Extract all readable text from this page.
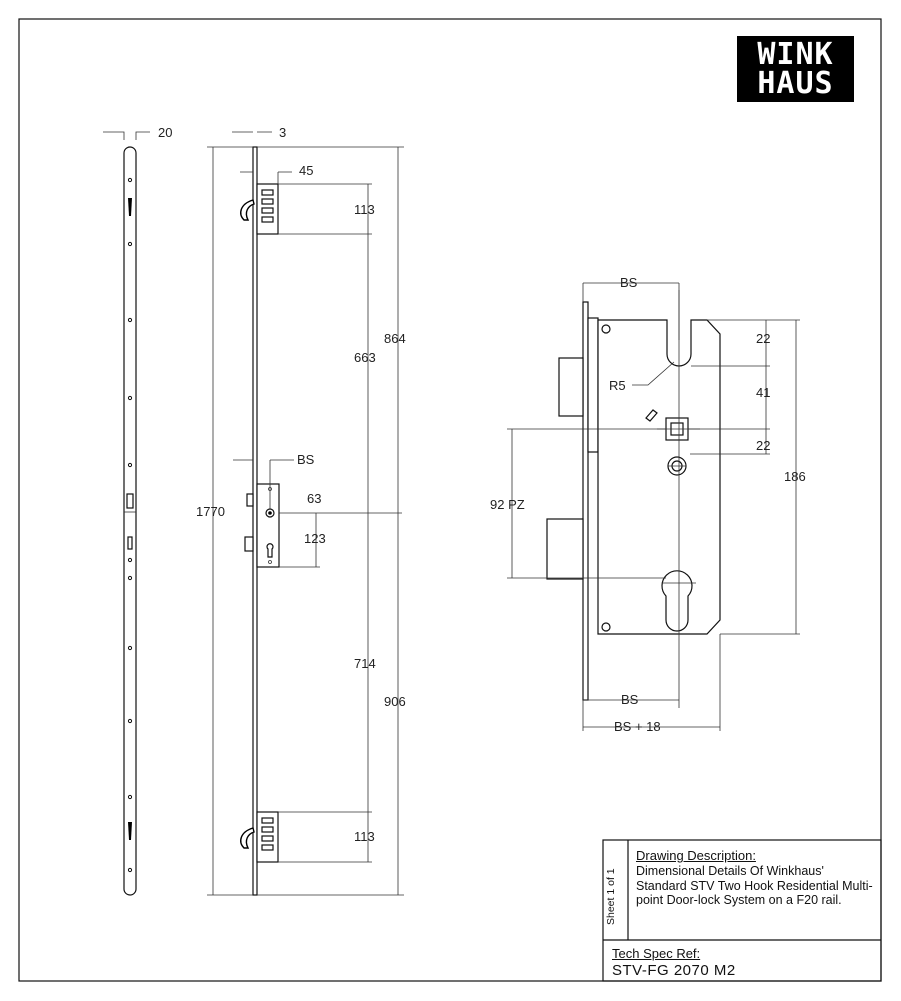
20	3
45
BS
63
123
113
113
663
714
864
906
1770
BS
R5
22
41
22
186
92 PZ
BS
BS + 18
WINK
HAUS
Drawing Description:
Dimensional Details Of Winkhaus' Standard STV Two Hook Residential Multi-point Door-lock System on a F20 rail.
Sheet 1 of 1
Tech Spec Ref:
STV-FG 2070 M2
